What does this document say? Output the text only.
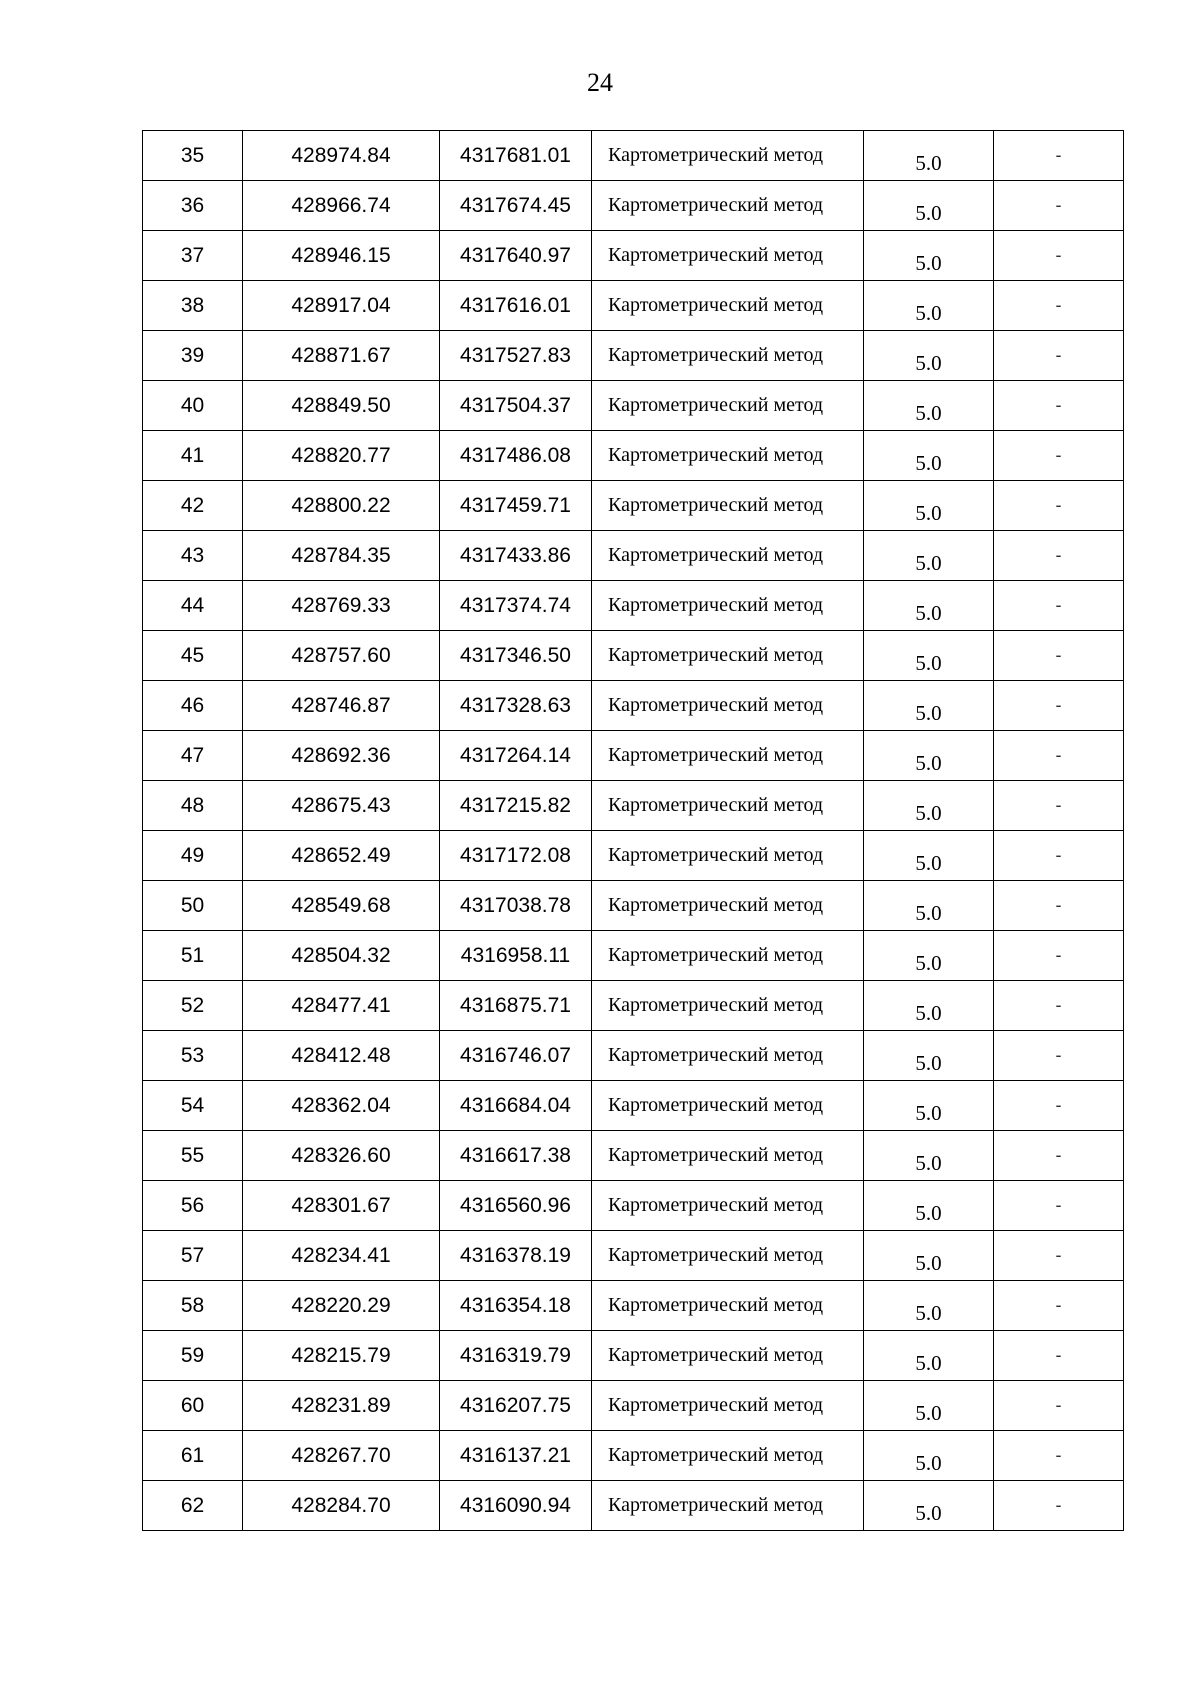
24
35	428974.84	4317681.01	Картометрический метод	5.0	-
36	428966.74	4317674.45	Картометрический метод	5.0	-
37	428946.15	4317640.97	Картометрический метод	5.0	-
38	428917.04	4317616.01	Картометрический метод	5.0	-
39	428871.67	4317527.83	Картометрический метод	5.0	-
40	428849.50	4317504.37	Картометрический метод	5.0	-
41	428820.77	4317486.08	Картометрический метод	5.0	-
42	428800.22	4317459.71	Картометрический метод	5.0	-
43	428784.35	4317433.86	Картометрический метод	5.0	-
44	428769.33	4317374.74	Картометрический метод	5.0	-
45	428757.60	4317346.50	Картометрический метод	5.0	-
46	428746.87	4317328.63	Картометрический метод	5.0	-
47	428692.36	4317264.14	Картометрический метод	5.0	-
48	428675.43	4317215.82	Картометрический метод	5.0	-
49	428652.49	4317172.08	Картометрический метод	5.0	-
50	428549.68	4317038.78	Картометрический метод	5.0	-
51	428504.32	4316958.11	Картометрический метод	5.0	-
52	428477.41	4316875.71	Картометрический метод	5.0	-
53	428412.48	4316746.07	Картометрический метод	5.0	-
54	428362.04	4316684.04	Картометрический метод	5.0	-
55	428326.60	4316617.38	Картометрический метод	5.0	-
56	428301.67	4316560.96	Картометрический метод	5.0	-
57	428234.41	4316378.19	Картометрический метод	5.0	-
58	428220.29	4316354.18	Картометрический метод	5.0	-
59	428215.79	4316319.79	Картометрический метод	5.0	-
60	428231.89	4316207.75	Картометрический метод	5.0	-
61	428267.70	4316137.21	Картометрический метод	5.0	-
62	428284.70	4316090.94	Картометрический метод	5.0	-
